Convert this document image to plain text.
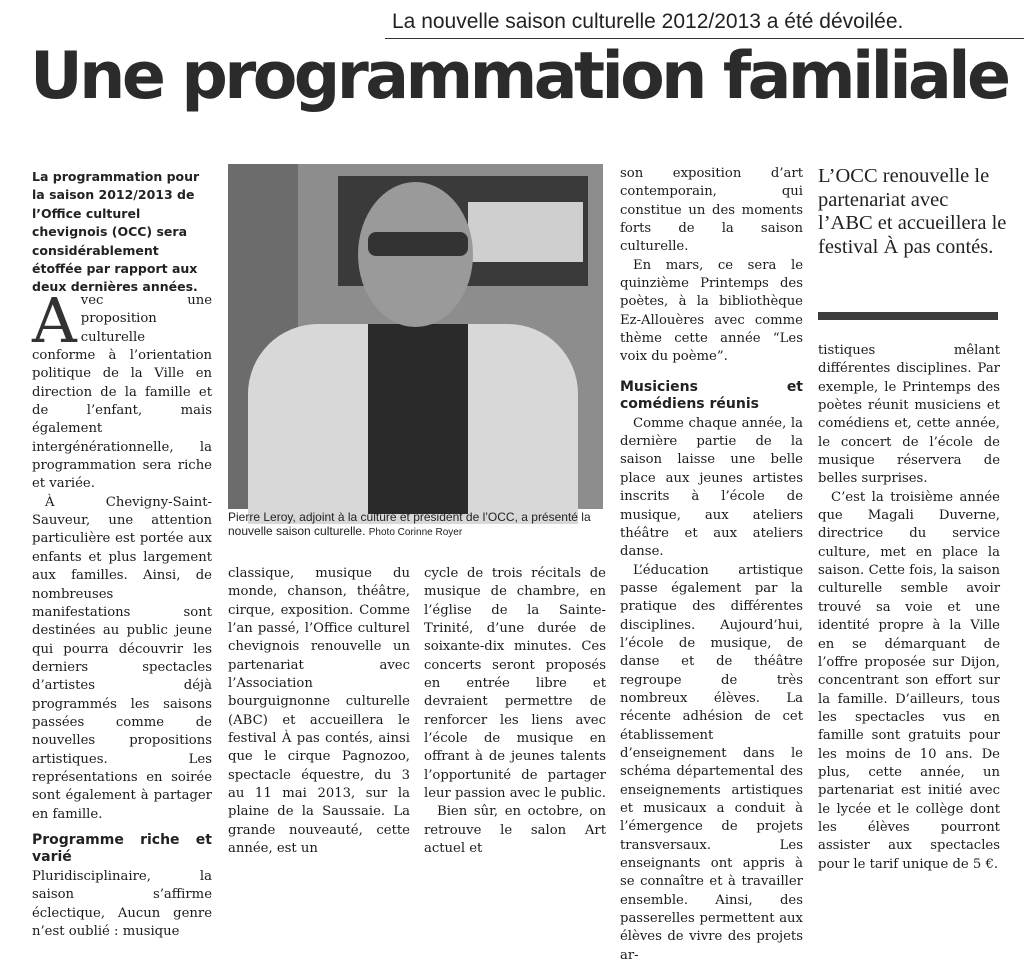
La nouvelle saison culturelle 2012/2013 a été dévoilée.
Une programmation familiale
La programmation pour la saison 2012/2013 de l’Office culturel chevignois (OCC) sera considérablement étoffée par rapport aux deux dernières années.

Avec une proposition culturelle conforme à l’orientation politique de la Ville en direction de la famille et de l’enfant, mais également intergénérationnelle, la programmation sera riche et variée.

À Chevigny-Saint-Sauveur, une attention particulière est portée aux enfants et plus largement aux familles. Ainsi, de nombreuses manifestations sont destinées au public jeune qui pourra découvrir les derniers spectacles d’artistes déjà programmés les saisons passées comme de nouvelles propositions artistiques. Les représentations en soirée sont également à partager en famille.

Programme riche et varié

Pluridisciplinaire, la saison s’affirme éclectique, Aucun genre n’est oublié : musique

Pierre Leroy, adjoint à la culture et président de l’OCC, a présenté la nouvelle saison culturelle. Photo Corinne Royer

classique, musique du monde, chanson, théâtre, cirque, exposition. Comme l’an passé, l’Office culturel chevignois renouvelle un partenariat avec l’Association bourguignonne culturelle (ABC) et accueillera le festival À pas contés, ainsi que le cirque Pagnozoo, spectacle équestre, du 3 au 11 mai 2013, sur la plaine de la Saussaie. La grande nouveauté, cette année, est un

cycle de trois récitals de musique de chambre, en l’église de la Sainte-Trinité, d’une durée de soixante-dix minutes. Ces concerts seront proposés en entrée libre et devraient permettre de renforcer les liens avec l’école de musique en offrant à de jeunes talents l’opportunité de partager leur passion avec le public.

Bien sûr, en octobre, on retrouve le salon Art actuel et

son exposition d’art contemporain, qui constitue un des moments forts de la saison culturelle.

En mars, ce sera le quinzième Printemps des poètes, à la bibliothèque Ez-Allouères avec comme thème cette année “Les voix du poème”.

Musiciens et comédiens réunis

Comme chaque année, la dernière partie de la saison laisse une belle place aux jeunes artistes inscrits à l’école de musique, aux ateliers théâtre et aux ateliers danse.

L’éducation artistique passe également par la pratique des différentes disciplines. Aujourd’hui, l’école de musique, de danse et de théâtre regroupe de très nombreux élèves. La récente adhésion de cet établissement d’enseignement dans le schéma départemental des enseignements artistiques et musicaux a conduit à l’émergence de projets transversaux. Les enseignants ont appris à se connaître et à travailler ensemble. Ainsi, des passerelles permettent aux élèves de vivre des projets ar-

L’OCC renouvelle le partenariat avec l’ABC et accueillera le festival À pas contés.

tistiques mêlant différentes disciplines. Par exemple, le Printemps des poètes réunit musiciens et comédiens et, cette année, le concert de l’école de musique réservera de belles surprises.

C’est la troisième année que Magali Duverne, directrice du service culture, met en place la saison. Cette fois, la saison culturelle semble avoir trouvé sa voie et une identité propre à la Ville en se démarquant de l’offre proposée sur Dijon, concentrant son effort sur la famille. D’ailleurs, tous les spectacles vus en famille sont gratuits pour les moins de 10 ans. De plus, cette année, un partenariat est initié avec le lycée et le collège dont les élèves pourront assister aux spectacles pour le tarif unique de 5 €.
